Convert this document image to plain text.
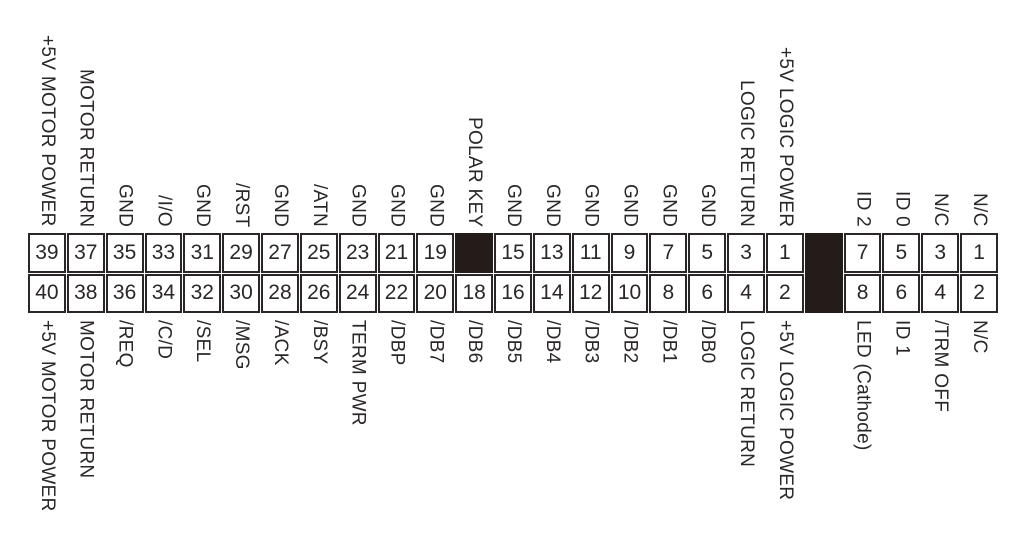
+5V MOTOR POWER MOTOR RETURN GND /I/O GND /RST GND /ATN GND GND GND POLAR KEY GND GND GND GND GND GND LOGIC RETURN +5V LOGIC POWER	ID 2 ID 0 N/C N/C
39
40
37
38
35
36
33
34
31
32
29
30
27
28
25
26
23
24
21
22
19
20 18
15
16
13
14
11
12
9
10
7
8
5
6
3
4
1
2
7
8
5
6
3
4
1
2
+5V MOTOR POWER MOTOR RETURN /REQ /C/D /SEL /MSG /ACK /BSY TERM PWR /DBP /DB7 /DB6 /DB5 /DB4 /DB3 /DB2 /DB1 /DB0 LOGIC RETURN +5V LOGIC POWER	LED (Cathode) ID 1 /TRM OFF N/C
